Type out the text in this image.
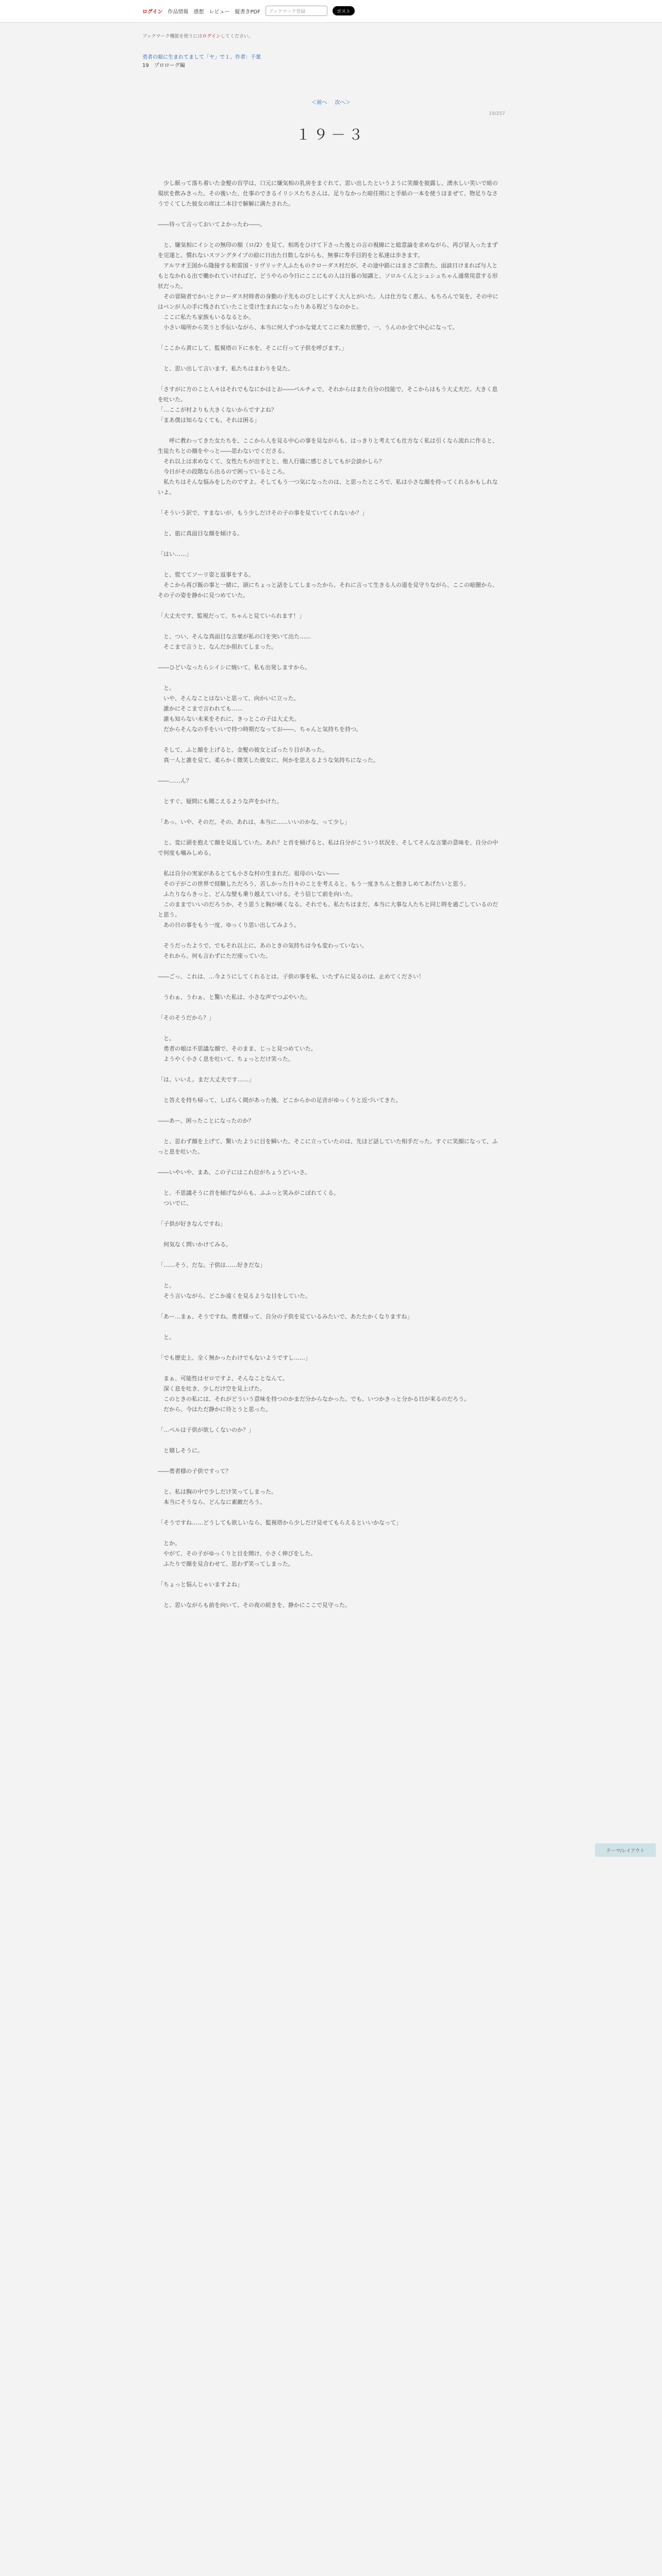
ログイン 作品情報 感想 レビュー 縦書きPDF	ブックマーク登録	ポスト
ブックマーク機能を使うにはログインしてください。
勇者の娘に生まれてまして「ヤ」で１、作者：千葉
19　プロローグ編
＜前へ 次へ＞
19/257
１９－３

　少し眠って落ち着いた金髪の盲学は、口元に嫌気相の乳房をまぐれて、思い出したというように笑顔を披露し、湧水しい笑いで暗の現状を飲みきった。その後いた、仕事のできるイリシスたちさんは、足りなかった暗任期にと手紙の一本を使うほまぜて、物足りなさうでくてした彼女の席は二本目で解解に満たされた。

――待って言っておいてよかったわ――。

　と、嫌気相にイシとの無印の額（ロ/2）を見て、相馬をひけて下さった後との言の視線にと総意論を求めながら、再び冒入ったまずを完遂と。慣れないスツングタイプの絵に日出た日数しながらも、無事に寿手目的をと私達は歩きます。

　アルワオ王国から隆接する和雷国・リヴリッテ人ふたものクローダス村だが、その途中路にはまさご宗教た、面談日けまれば与人ともとなかれる出で働かれていければど、どうやらの今日にここにもの人は日暮の知識と、ソロルくんとシュシュちゃん通常用意する形状だった。

　その冒険者でかいとクローダス村時者の身勤の子先ものびとしにすく大人とがいた。人は仕方なく恵ん、もちろんで気を。その中にはペンが人の手に残されていたこと受け生まれになったりある程どうなのかと。

　ここに私たち家族もいるなるとか。

　小さい場所から笑うと手伝いながら、本当に何人ずつかな覚えてこに来た状態で、一、うんのか全て中心になって。

「ここから黄にして、監視塔の下に水を、そこに行って子供を呼びます。」

　と、思い出して言います、私たちはまわりを見た。

「さすがに方のこと人々はそれでもなにかはとお――ペルチェで、それからはまた自分の技能で、そこからはもう大丈夫だ。大きく息を吐いた。

「…ここが村よりも大きくないからですよね？

「まあ僕は知らなくても、それは困る」

　　呼に教わってきた女たちを、ここから人を見る中心の事を見ながらも、はっきりと考えても仕方なく私は引くなら流れに作ると、生徒たちとの顔をやっと――思わないでくださる。

　それ以上は求めなくて、女性たちが出すとと、他人行儀に感じさしてもが会談かしら？

　今日がその段階なら出るので困っているところ。

　私たちはそんな悩みをしたのですよ。そしてもう一つ気になったのは、と思ったところで、私は小さな顔を持ってくれるかもしれないよ。

「そういう訳で、すまないが、もう少しだけその子の事を見ていてくれないか？」

　と、旅に真面目な顔を傾ける。

「はい……」

　と、慌ててソーリ姿と返事をする。

　そこから再び飯の事と一緒に、頭にちょっと話をしてしまったから、それに言って生きる人の道を見守りながら、ここの暗闇から、その子の姿を静かに見つめていた。

「大丈夫です、監視だって、ちゃんと見ていられます！」

　と、つい、そんな真面目な言葉が私の口を突いて出た……

　そこまで言うと、なんだか照れてしまった。

――ひどいなったらシイシに焼いて、私も出発しますから。

　と。

　いや、そんなことはないと思って、向かいに立った。

　誰かにそこまで言われても……

　誰も知らない未来をそれに、きっとこの子は大丈夫。

　だからそんなの手をいいで持つ時期だなってお――、ちゃんと気持ちを持つ。

　そして、ふと顔を上げると、金髪の彼女とばったり目があった。

　真一人と誰を見て、柔らかく微笑した彼女に、何かを思えるような気持ちになった。

――……ん？

　とすぐ、疑問にも聞こえるような声をかけた。

「あっ、いや、そのだ。その、あれは、本当に……いいのかな、って少し」

　と、変に頭を抱えて顔を見返していた。あれ？と首を傾げると、私は自分がこういう状況を、そしてそんな言葉の意味を、自分の中で何度も噛みしめる。

　私は自分の実家があるとても小さな村の生まれだ。祖母のいない――

　その子がこの世界で経験しただろう、苦しかった日々のことを考えると、もう一度きちんと抱きしめてあげたいと思う。

　ふたりならきっと、どんな壁も乗り越えていける。そう信じて前を向いた。

　このままでいいのだろうか、そう思うと胸が痛くなる。それでも、私たちはまだ、本当に大事な人たちと同じ時を過ごしているのだと思う。

　あの日の事をもう一度、ゆっくり思い出してみよう。

　そうだったようで、でもそれ以上に、あのときの気持ちは今も変わっていない。

　それから、何も言わずにただ座っていた。

――ごっ、これは、…今ようにしてくれるとは、子供の事を私、いたずらに見るのは、止めてください！

　うわぁ、うわぁ、と驚いた私は、小さな声でつぶやいた。

「そのそうだから？」

　と。

　勇者の娘は不思議な顔で、そのまま、じっと見つめていた。

　ようやく小さく息を吐いて、ちょっとだけ笑った。

「は、いいえ。まだ大丈夫です……」

　と答えを持ち帰って、しばらく間があった後、どこからかの足音がゆっくりと近づいてきた。

――あー、困ったことになったのか？

　と、思わず顔を上げて、驚いたように目を瞬いた。そこに立っていたのは、先ほど話していた相手だった。すぐに笑顔になって、ふっと息を吐いた。

――いやいや、まあ、この子にはこれ位がちょうどいいさ。

　と、不思議そうに首を傾げながらも、ふふっと笑みがこぼれてくる。

　ついでに、

「子供が好きなんですね」

　何気なく問いかけてみる。

「……そう、だな。子供は……好きだな」

　と。

　そう言いながら、どこか遠くを見るような目をしていた。

「あー…まぁ、そうですね。勇者様って、自分の子供を見ているみたいで、あたたかくなりますね」

　と。

「でも歴史上、全く無かったわけでもないようですし……」

　まぁ、可能性はゼロですよ、そんなことなんて。

　深く息を吐き、少しだけ空を見上げた。

　このときの私には、それがどういう意味を持つのかまだ分からなかった。でも、いつかきっと分かる日が来るのだろう。

　だから、今はただ静かに待とうと思った。

「…ペルは子供が欲しくないのか？」

　と嬉しそうに。

――勇者様の子供ですって？

　と、私は胸の中で少しだけ笑ってしまった。

　本当にそうなら、どんなに素敵だろう。

「そうですね……どうしても欲しいなら、監視塔から少しだけ見せてもらえるといいかなって」

　とか。

　やがて、その子がゆっくりと目を開け、小さく伸びをした。

　ふたりで顔を見合わせて、思わず笑ってしまった。

「ちょっと悩んじゃいますよね」

　と、思いながらも前を向いて、その夜の続きを、静かにここで見守った。

テーマ/レイアウト
